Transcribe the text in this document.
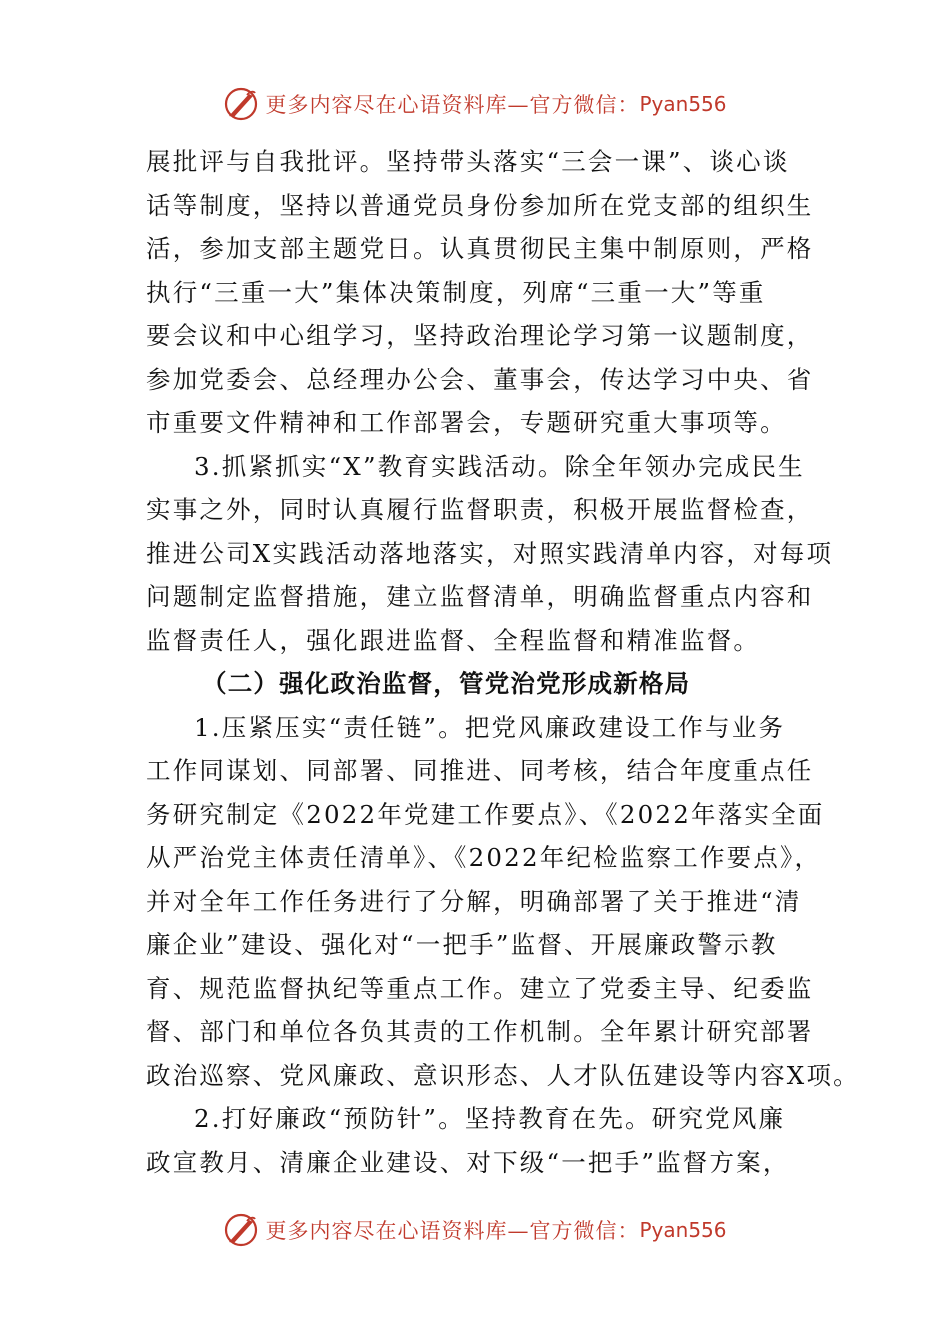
更多内容尽在心语资料库—官方微信： Pyan556
展批评与自我批评。坚持带头落实“三会一课”、谈心谈
话等制度，坚持以普通党员身份参加所在党支部的组织生
活，参加支部主题党日。认真贯彻民主集中制原则，严格
执行“三重一大”集体决策制度，列席“三重一大”等重
要会议和中心组学习，坚持政治理论学习第一议题制度，
参加党委会、总经理办公会、董事会，传达学习中央、省
市重要文件精神和工作部署会，专题研究重大事项等。
3.抓紧抓实“X”教育实践活动。除全年领办完成民生
实事之外，同时认真履行监督职责，积极开展监督检查，
推进公司X实践活动落地落实，对照实践清单内容，对每项
问题制定监督措施，建立监督清单，明确监督重点内容和
监督责任人，强化跟进监督、全程监督和精准监督。
（二）强化政治监督，管党治党形成新格局
1.压紧压实“责任链”。把党风廉政建设工作与业务
工作同谋划、同部署、同推进、同考核，结合年度重点任
务研究制定《2022年党建工作要点》、《2022年落实全面
从严治党主体责任清单》、《2022年纪检监察工作要点》，
并对全年工作任务进行了分解，明确部署了关于推进“清
廉企业”建设、强化对“一把手”监督、开展廉政警示教
育、规范监督执纪等重点工作。建立了党委主导、纪委监
督、部门和单位各负其责的工作机制。全年累计研究部署
政治巡察、党风廉政、意识形态、人才队伍建设等内容X项。
2.打好廉政“预防针”。坚持教育在先。研究党风廉
政宣教月、清廉企业建设、对下级“一把手”监督方案，
更多内容尽在心语资料库—官方微信： Pyan556
